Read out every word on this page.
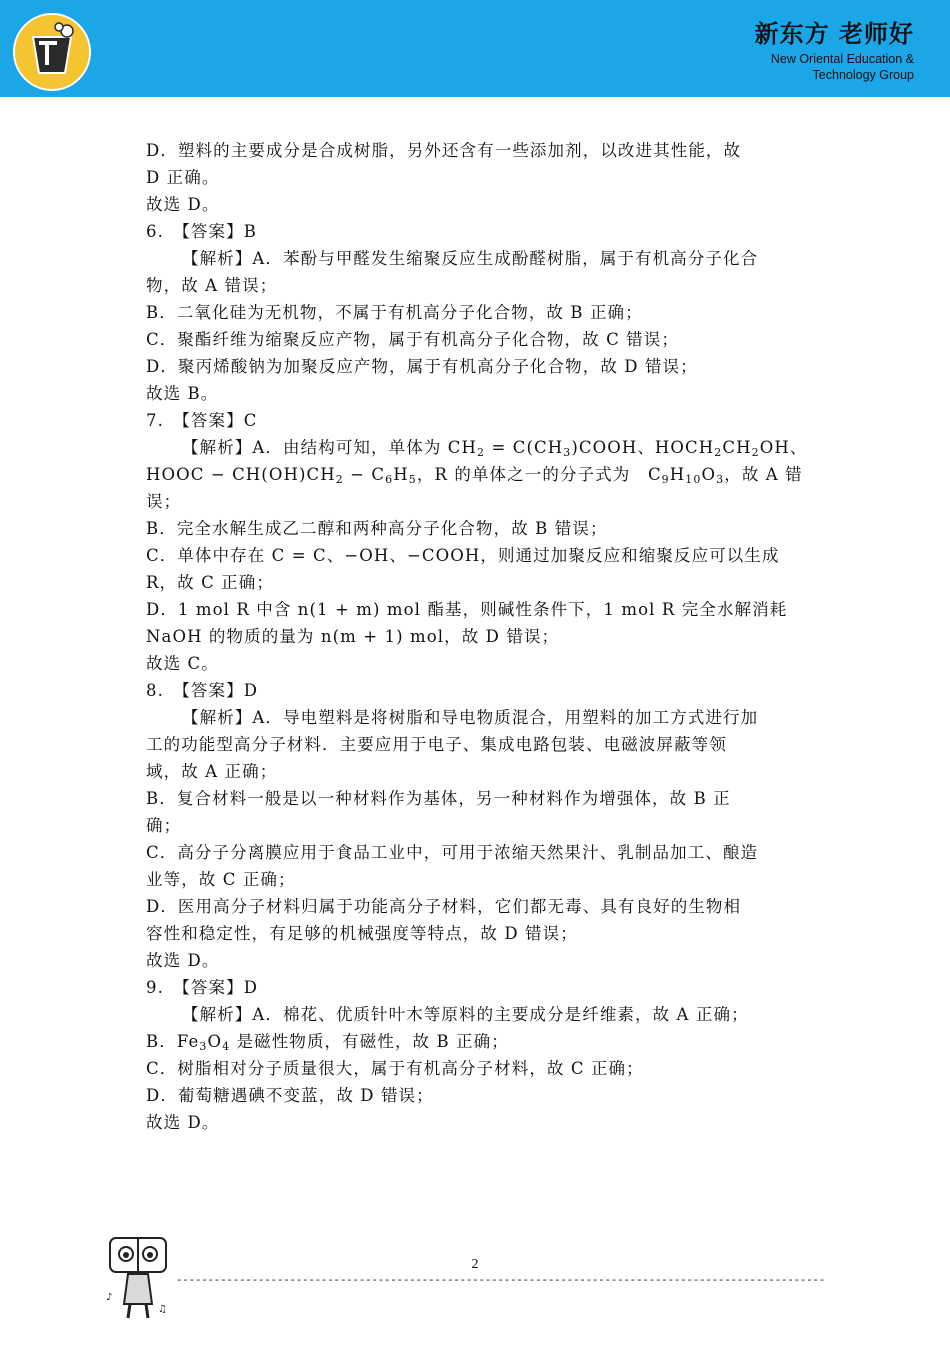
新东方 老师好
New Oriental Education &
Technology Group
D．塑料的主要成分是合成树脂，另外还含有一些添加剂，以改进其性能，故
D 正确。
故选 D。
6.　【答案】B
【解析】A．苯酚与甲醛发生缩聚反应生成酚醛树脂，属于有机高分子化合
物，故 A 错误；
B．二氧化硅为无机物，不属于有机高分子化合物，故 B 正确；
C．聚酯纤维为缩聚反应产物，属于有机高分子化合物，故 C 错误；
D．聚丙烯酸钠为加聚反应产物，属于有机高分子化合物，故 D 错误；
故选 B。
7.　【答案】C
【解析】A．由结构可知，单体为 $CH_2$ = $C(CH_3)COOH$、$HOCH_2CH_2OH$、
HOOC − $CH(OH)CH_2 - C_6H_5$，R 的单体之一的分子式为　$C_9H_{10}O_3$，故 A 错
误；
B．完全水解生成乙二醇和两种高分子化合物，故 B 错误；
C．单体中存在 C = C、−OH、−COOH，则通过加聚反应和缩聚反应可以生成
R，故 C 正确；
D．1 mol R 中含 n(1 + m) mol 酯基，则碱性条件下，1 mol R 完全水解消耗
NaOH 的物质的量为 n(m + 1) mol，故 D 错误；
故选 C。
8.　【答案】D
【解析】A．导电塑料是将树脂和导电物质混合，用塑料的加工方式进行加
工的功能型高分子材料．主要应用于电子、集成电路包装、电磁波屏蔽等领
域，故 A 正确；
B．复合材料一般是以一种材料作为基体，另一种材料作为增强体，故 B 正
确；
C．高分子分离膜应用于食品工业中，可用于浓缩天然果汁、乳制品加工、酿造
业等，故 C 正确；
D．医用高分子材料归属于功能高分子材料，它们都无毒、具有良好的生物相
容性和稳定性，有足够的机械强度等特点，故 D 错误；
故选 D。
9.　【答案】D
【解析】A．棉花、优质针叶木等原料的主要成分是纤维素，故 A 正确；
B．$Fe_3O_4$ 是磁性物质，有磁性，故 B 正确；
C．树脂相对分子质量很大，属于有机高分子材料，故 C 正确；
D．葡萄糖遇碘不变蓝，故 D 错误；
故选 D。
♪
♫
2
-------------------------------------------------------------------------------------------------------
